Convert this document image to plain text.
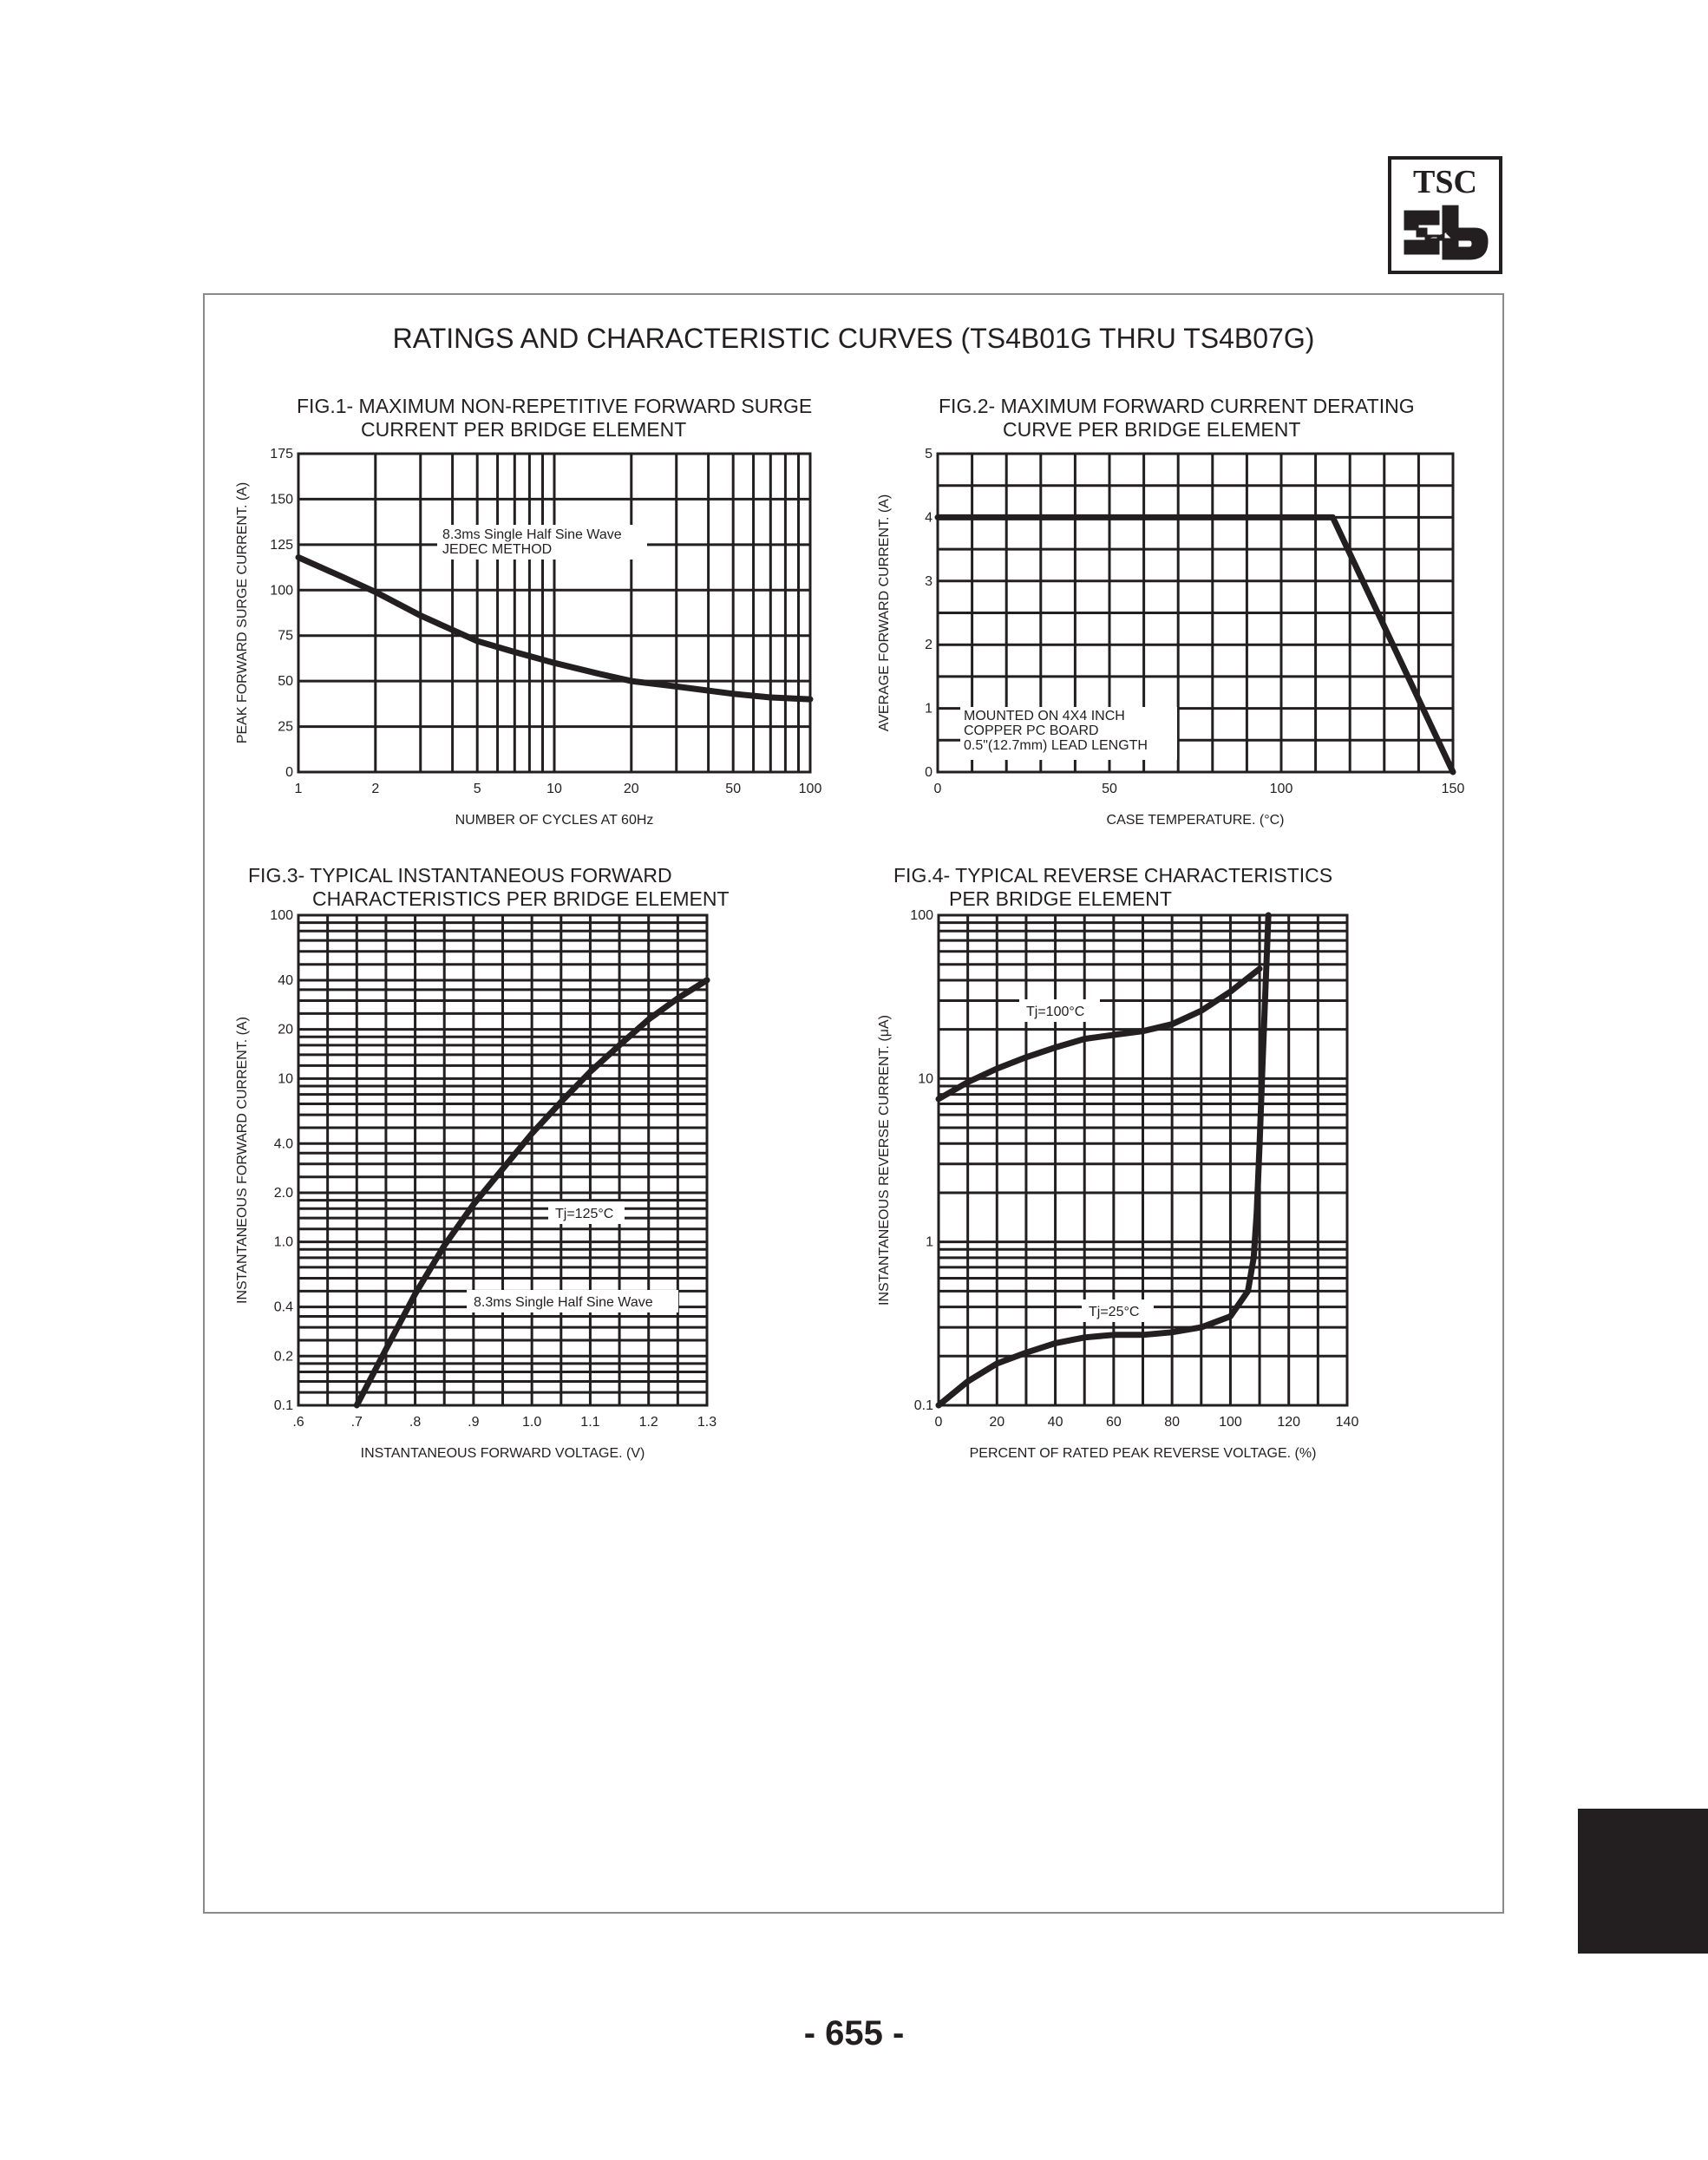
TSC
RATINGS AND CHARACTERISTIC CURVES (TS4B01G THRU TS4B07G)
FIG.1- MAXIMUM NON-REPETITIVE FORWARD SURGE
CURRENT PER BRIDGE ELEMENT
FIG.2- MAXIMUM FORWARD CURRENT DERATING
CURVE PER BRIDGE ELEMENT
FIG.3- TYPICAL INSTANTANEOUS FORWARD
CHARACTERISTICS PER BRIDGE ELEMENT
FIG.4- TYPICAL REVERSE CHARACTERISTICS
PER BRIDGE ELEMENT
1	2	5	10	20	50	100
0
25
50
75
100
125
150
175
NUMBER OF CYCLES AT 60Hz
PEAK FORWARD SURGE CURRENT. (A)	8.3ms Single Half Sine Wave
JEDEC METHOD
0	50	100	150
0
1
2
3
4
5
CASE TEMPERATURE. (°C)
AVERAGE FORWARD CURRENT. (A)	MOUNTED ON 4X4 INCH
COPPER PC BOARD
0.5"(12.7mm) LEAD LENGTH
.6	.7	.8	.9	1.0	1.1	1.2	1.3
0.1
0.2
0.4
1.0
2.0
4.0
10
20
40
100
INSTANTANEOUS FORWARD VOLTAGE. (V)
INSTANTANEOUS FORWARD CURRENT. (A)	Tj=125°C
8.3ms Single Half Sine Wave
0	20	40	60	80	100	120	140
0.1
1
10
100
PERCENT OF RATED PEAK REVERSE VOLTAGE. (%)
INSTANTANEOUS REVERSE CURRENT. (μA)
Tj=100°C
Tj=25°C
- 655 -
